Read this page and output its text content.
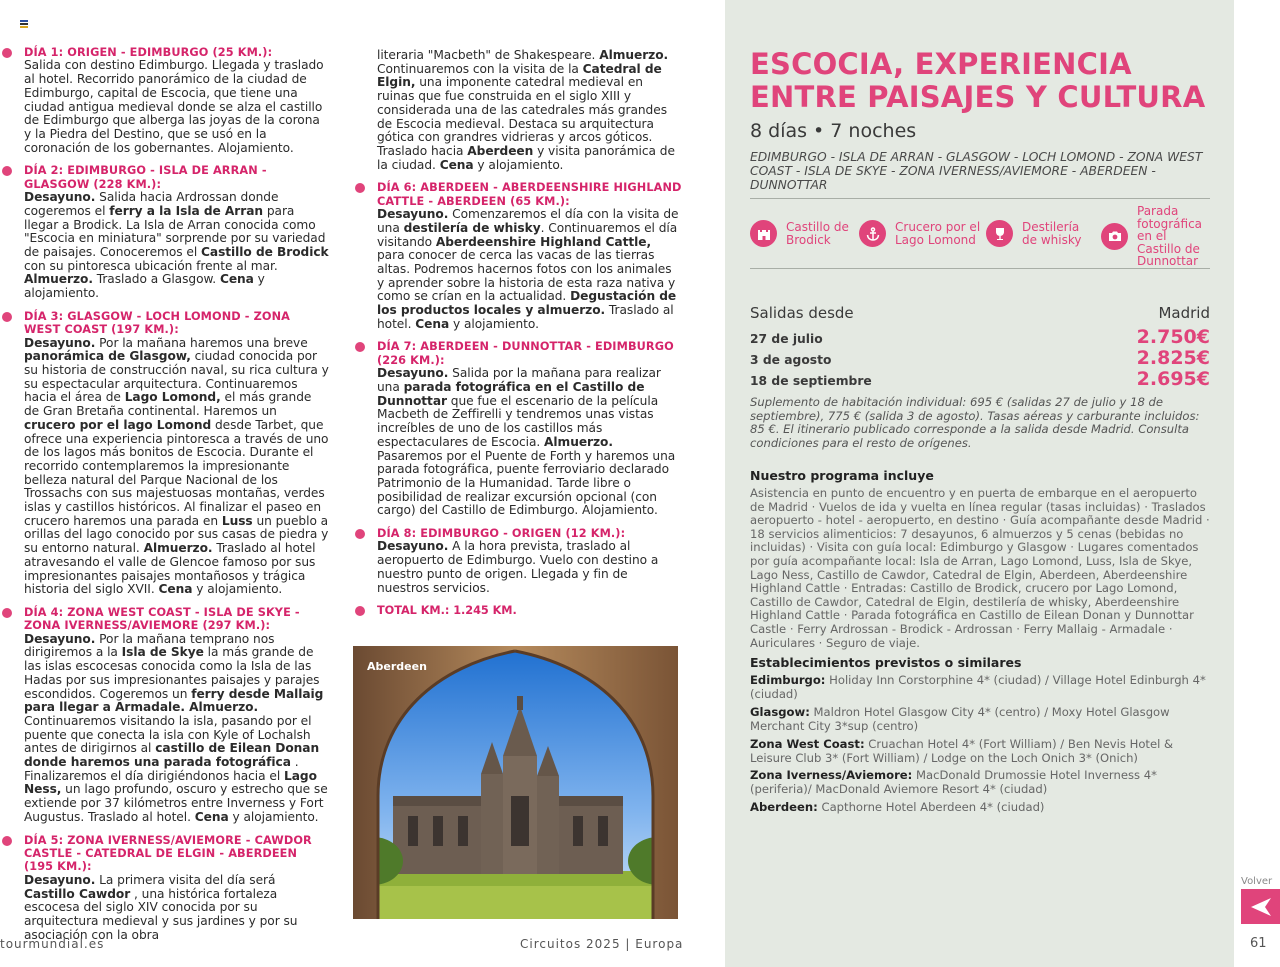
DÍA 1: ORIGEN - EDIMBURGO (25 KM.):

Salida con destino Edimburgo. Llegada y traslado al hotel. Recorrido panorámico de la ciudad de Edimburgo, capital de Escocia, que tiene una ciudad antigua medieval donde se alza el castillo de Edimburgo que alberga las joyas de la corona y la Piedra del Destino, que se usó en la coronación de los gobernantes. Alojamiento.

DÍA 2: EDIMBURGO - ISLA DE ARRAN - GLASGOW (228 KM.):

Desayuno. Salida hacia Ardrossan donde cogeremos el ferry a la Isla de Arran para llegar a Brodick. La Isla de Arran conocida como "Escocia en miniatura" sorprende por su variedad de paisajes. Conoceremos el Castillo de Brodick con su pintoresca ubicación frente al mar. Almuerzo. Traslado a Glasgow. Cena y alojamiento.

DÍA 3: GLASGOW - LOCH LOMOND - ZONA WEST COAST (197 KM.):

Desayuno. Por la mañana haremos una breve panorámica de Glasgow, ciudad conocida por su historia de construcción naval, su rica cultura y su espectacular arquitectura. Continuaremos hacia el área de Lago Lomond, el más grande de Gran Bretaña continental. Haremos un crucero por el lago Lomond desde Tarbet, que ofrece una experiencia pintoresca a través de uno de los lagos más bonitos de Escocia. Durante el recorrido contemplaremos la impresionante belleza natural del Parque Nacional de los Trossachs con sus majestuosas montañas, verdes islas y castillos históricos. Al finalizar el paseo en crucero haremos una parada en Luss un pueblo a orillas del lago conocido por sus casas de piedra y su entorno natural. Almuerzo. Traslado al hotel atravesando el valle de Glencoe famoso por sus impresionantes paisajes montañosos y trágica historia del siglo XVII. Cena y alojamiento.

DÍA 4: ZONA WEST COAST - ISLA DE SKYE - ZONA IVERNESS/AVIEMORE (297 KM.):

Desayuno. Por la mañana temprano nos dirigiremos a la Isla de Skye la más grande de las islas escocesas conocida como la Isla de las Hadas por sus impresionantes paisajes y parajes escondidos. Cogeremos un ferry desde Mallaig para llegar a Armadale. Almuerzo. Continuaremos visitando la isla, pasando por el puente que conecta la isla con Kyle of Lochalsh antes de dirigirnos al castillo de Eilean Donan donde haremos una parada fotográfica . Finalizaremos el día dirigiéndonos hacia el Lago Ness, un lago profundo, oscuro y estrecho que se extiende por 37 kilómetros entre Inverness y Fort Augustus. Traslado al hotel. Cena y alojamiento.

DÍA 5: ZONA IVERNESS/AVIEMORE - CAWDOR CASTLE - CATEDRAL DE ELGIN - ABERDEEN (195 KM.):

Desayuno. La primera visita del día será Castillo Cawdor , una histórica fortaleza escocesa del siglo XIV conocida por su arquitectura medieval y sus jardines y por su asociación con la obra

literaria "Macbeth" de Shakespeare. Almuerzo. Continuaremos con la visita de la Catedral de Elgin, una imponente catedral medieval en ruinas que fue construida en el siglo XIII y considerada una de las catedrales más grandes de Escocia medieval. Destaca su arquitectura gótica con grandres vidrieras y arcos góticos. Traslado hacia Aberdeen y visita panorámica de la ciudad. Cena y alojamiento.

DÍA 6: ABERDEEN - ABERDEENSHIRE HIGHLAND CATTLE - ABERDEEN (65 KM.):

Desayuno. Comenzaremos el día con la visita de una destilería de whisky. Continuaremos el día visitando Aberdeenshire Highland Cattle, para conocer de cerca las vacas de las tierras altas. Podremos hacernos fotos con los animales y aprender sobre la historia de esta raza nativa y como se crían en la actualidad. Degustación de los productos locales y almuerzo. Traslado al hotel. Cena y alojamiento.

DÍA 7: ABERDEEN - DUNNOTTAR - EDIMBURGO (226 KM.):

Desayuno. Salida por la mañana para realizar una parada fotográfica en el Castillo de Dunnottar que fue el escenario de la película Macbeth de Zeffirelli y tendremos unas vistas increíbles de uno de los castillos más espectaculares de Escocia. Almuerzo. Pasaremos por el Puente de Forth y haremos una parada fotográfica, puente ferroviario declarado Patrimonio de la Humanidad. Tarde libre o posibilidad de realizar excursión opcional (con cargo) del Castillo de Edimburgo. Alojamiento.

DÍA 8: EDIMBURGO - ORIGEN (12 KM.):

Desayuno. A la hora prevista, traslado al aeropuerto de Edimburgo. Vuelo con destino a nuestro punto de origen. Llegada y fin de nuestros servicios.

TOTAL KM.: 1.245 KM.
Aberdeen
tourmundial.es	Circuitos 2025 | Europa
ESCOCIA, EXPERIENCIA
ENTRE PAISAJES Y CULTURA
8 días • 7 noches
EDIMBURGO - ISLA DE ARRAN - GLASGOW - LOCH LOMOND - ZONA WEST COAST - ISLA DE SKYE - ZONA IVERNESS/AVIEMORE - ABERDEEN - DUNNOTTAR
Castillo de Brodick
Crucero por el Lago Lomond
Destilería de whisky
Parada fotográfica en el Castillo de Dunnottar
Salidas desde	Madrid
27 de julio	2.750€
3 de agosto	2.825€
18 de septiembre	2.695€
Suplemento de habitación individual: 695 € (salidas 27 de julio y 18 de septiembre), 775 € (salida 3 de agosto). Tasas aéreas y carburante incluidos: 85 €. El itinerario publicado corresponde a la salida desde Madrid. Consulta condiciones para el resto de orígenes.
Nuestro programa incluye
Asistencia en punto de encuentro y en puerta de embarque en el aeropuerto de Madrid · Vuelos de ida y vuelta en línea regular (tasas incluidas) · Traslados aeropuerto - hotel - aeropuerto, en destino · Guía acompañante desde Madrid · 18 servicios alimenticios: 7 desayunos, 6 almuerzos y 5 cenas (bebidas no incluidas) · Visita con guía local: Edimburgo y Glasgow · Lugares comentados por guía acompañante local: Isla de Arran, Lago Lomond, Luss, Isla de Skye, Lago Ness, Castillo de Cawdor, Catedral de Elgin, Aberdeen, Aberdeenshire Highland Cattle · Entradas: Castillo de Brodick, crucero por Lago Lomond, Castillo de Cawdor, Catedral de Elgin, destilería de whisky, Aberdeenshire Highland Cattle · Parada fotográfica en Castillo de Eilean Donan y Dunnottar Castle · Ferry Ardrossan - Brodick - Ardrossan · Ferry Mallaig - Armadale · Auriculares · Seguro de viaje.
Establecimientos previstos o similares
Edimburgo: Holiday Inn Corstorphine 4* (ciudad) / Village Hotel Edinburgh 4* (ciudad)
Glasgow: Maldron Hotel Glasgow City 4* (centro) / Moxy Hotel Glasgow Merchant City 3*sup (centro)
Zona West Coast: Cruachan Hotel 4* (Fort William) / Ben Nevis Hotel & Leisure Club 3* (Fort William) / Lodge on the Loch Onich 3* (Onich)
Zona Iverness/Aviemore: MacDonald Drumossie Hotel Inverness 4* (periferia)/ MacDonald Aviemore Resort 4* (ciudad)
Aberdeen: Capthorne Hotel Aberdeen 4* (ciudad)
Volver
61
